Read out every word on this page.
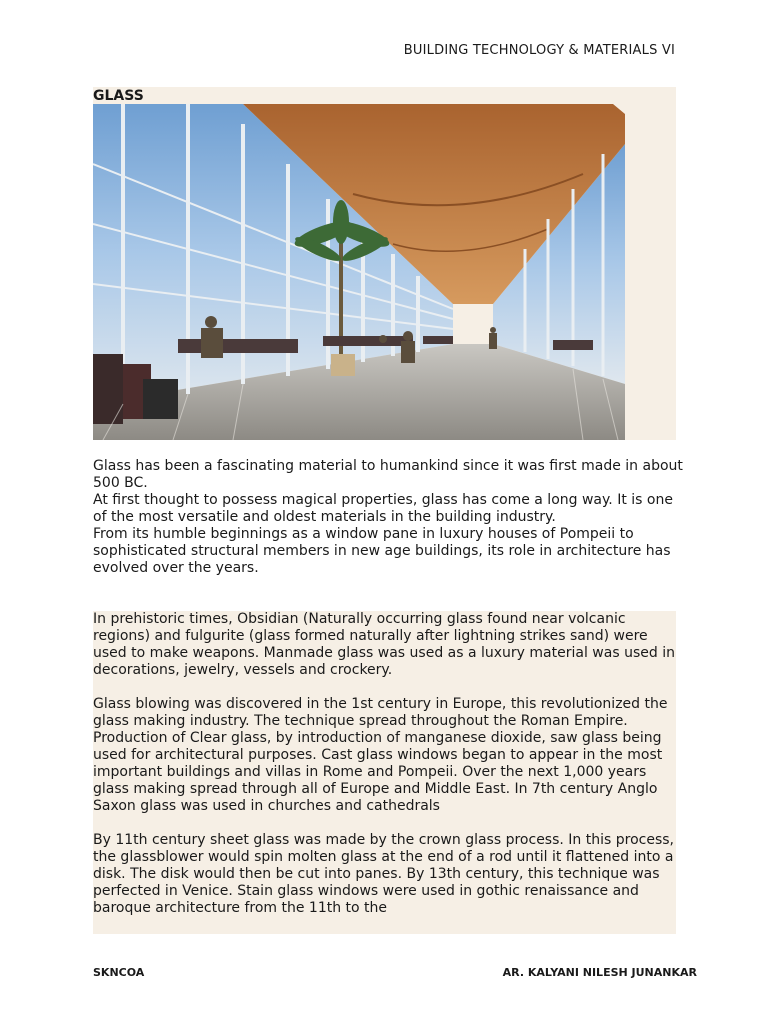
BUILDING TECHNOLOGY & MATERIALS VI
GLASS

Glass has been a fascinating material to humankind since it was first made in about 500 BC.

At first thought to possess magical properties, glass has come a long way. It is one of the most versatile and oldest materials in the building industry.

From its humble beginnings as a window pane in luxury houses of Pompeii to sophisticated structural members in new age buildings, its role in architecture has evolved over the years.

In prehistoric times, Obsidian (Naturally occurring glass found near volcanic regions) and fulgurite (glass formed naturally after lightning strikes sand) were used to make weapons. Manmade glass was used as a luxury material was used in decorations, jewelry, vessels and crockery.

Glass blowing was discovered in the 1st century in Europe, this revolutionized the glass making industry. The technique spread throughout the Roman Empire. Production of Clear glass, by introduction of manganese dioxide, saw glass being used for architectural purposes. Cast glass windows began to appear in the most important buildings and villas in Rome and Pompeii. Over the next 1,000 years glass making spread through all of Europe and Middle East. In 7th century Anglo Saxon glass was used in churches and cathedrals

By 11th century sheet glass was made by the crown glass process. In this process, the glassblower would spin molten glass at the end of a rod until it flattened into a disk. The disk would then be cut into panes. By 13th century, this technique was perfected in Venice. Stain glass windows were used in gothic renaissance and baroque architecture from the 11th to the

SKNCOA	AR. KALYANI NILESH JUNANKAR
